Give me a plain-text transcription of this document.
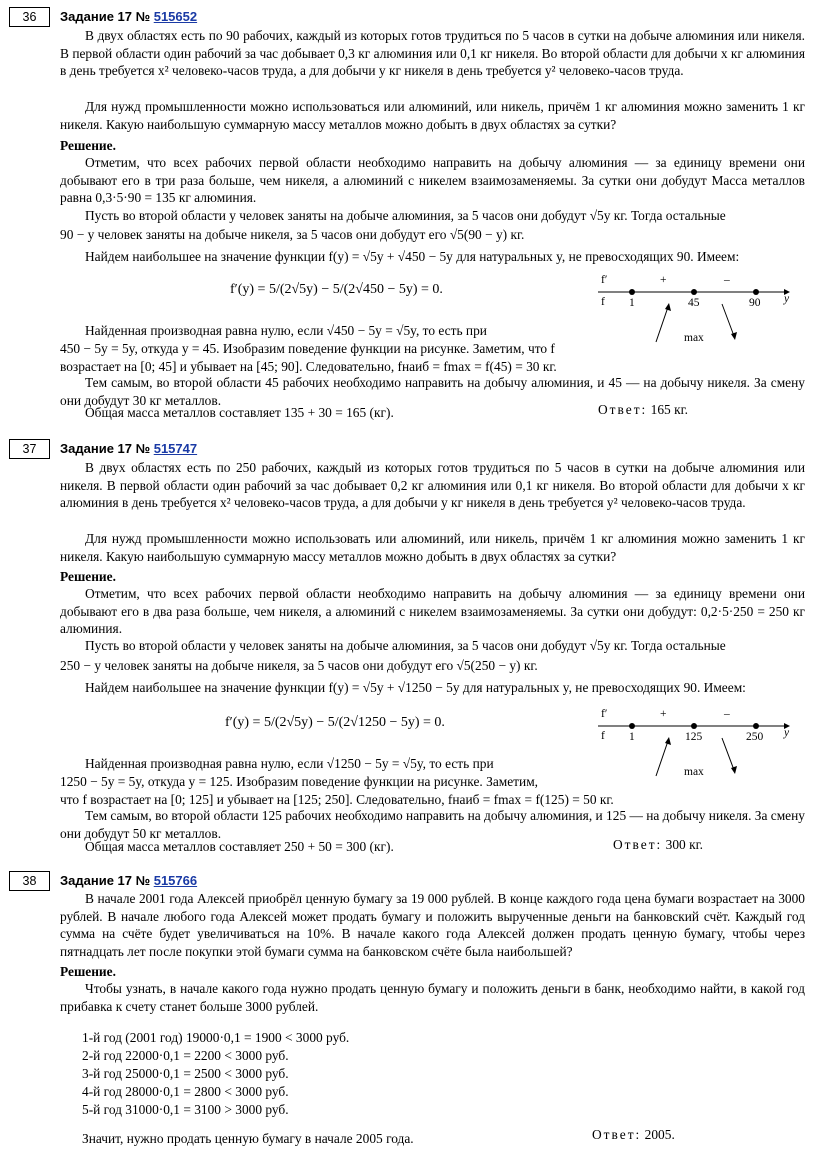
36	Задание 17 № 515652
В двух областях есть по 90 рабочих, каждый из которых готов трудиться по 5 часов в сутки на добыче алюминия или никеля. В первой области один рабочий за час добывает 0,3 кг алюминия или 0,1 кг никеля. Во второй области для добычи x кг алюминия в день требуется x² человеко-часов труда, а для добычи y кг никеля в день требуется y² человеко-часов труда.
Для нужд промышленности можно использоваться или алюминий, или никель, причём 1 кг алюминия можно заменить 1 кг никеля. Какую наибольшую суммарную массу металлов можно добыть в двух областях за сутки?
Решение.
Отметим, что всех рабочих первой области необходимо направить на добычу алюминия — за единицу времени они добывают его в три раза больше, чем никеля, а алюминий с никелем взаимозаменяемы. За сутки они добудут Масса металлов равна 0,3·5·90 = 135 кг алюминия.
Пусть во второй области y человек заняты на добыче алюминия, за 5 часов они добудут √5y кг. Тогда остальные
90 − y человек заняты на добыче никеля, за 5 часов они добудут его √5(90 − y) кг.
Найдем наибольшее на значение функции f(y) = √5y + √450 − 5y для натуральных y, не превосходящих 90. Имеем:
f′(y) = 5/(2√5y) − 5/(2√450 − 5y) = 0.
Найденная производная равна нулю, если √450 − 5y = √5y, то есть при
450 − 5y = 5y, откуда y = 45. Изобразим поведение функции на рисунке. Заметим, что f
возрастает на [0; 45] и убывает на [45; 90]. Следовательно, fнаиб = fmax = f(45) = 30 кг.
Тем самым, во второй области 45 рабочих необходимо направить на добычу алюминия, и 45 — на добычу никеля. За смену они добудут 30 кг металлов.
Общая масса металлов составляет 135 + 30 = 165 (кг).	Ответ: 165 кг.
f′	+	–
f 1	45	90 y
max
37	Задание 17 № 515747
В двух областях есть по 250 рабочих, каждый из которых готов трудиться по 5 часов в сутки на добыче алюминия или никеля. В первой области один рабочий за час добывает 0,2 кг алюминия или 0,1 кг никеля. Во второй области для добычи x кг алюминия в день требуется x² человеко-часов труда, а для добычи y кг никеля в день требуется y² человеко-часов труда.
Для нужд промышленности можно использовать или алюминий, или никель, причём 1 кг алюминия можно заменить 1 кг никеля. Какую наибольшую суммарную массу металлов можно добыть в двух областях за сутки?
Решение.
Отметим, что всех рабочих первой области необходимо направить на добычу алюминия — за единицу времени они добывают его в два раза больше, чем никеля, а алюминий с никелем взаимозаменяемы. За сутки они добудут: 0,2·5·250 = 250 кг алюминия.
Пусть во второй области y человек заняты на добыче алюминия, за 5 часов они добудут √5y кг. Тогда остальные
250 − y человек заняты на добыче никеля, за 5 часов они добудут его √5(250 − y) кг.
Найдем наибольшее на значение функции f(y) = √5y + √1250 − 5y для натуральных y, не превосходящих 90. Имеем:
f′(y) = 5/(2√5y) − 5/(2√1250 − 5y) = 0.
Найденная производная равна нулю, если √1250 − 5y = √5y, то есть при
1250 − 5y = 5y, откуда y = 125. Изобразим поведение функции на рисунке. Заметим,
что f возрастает на [0; 125] и убывает на [125; 250]. Следовательно, fнаиб = fmax = f(125) = 50 кг.
Тем самым, во второй области 125 рабочих необходимо направить на добычу алюминия, и 125 — на добычу никеля. За смену они добудут 50 кг металлов.
Общая масса металлов составляет 250 + 50 = 300 (кг).	Ответ: 300 кг.
f′	+	–
f 1	125	250 y
max
38	Задание 17 № 515766
В начале 2001 года Алексей приобрёл ценную бумагу за 19 000 рублей. В конце каждого года цена бумаги возрастает на 3000 рублей. В начале любого года Алексей может продать бумагу и положить вырученные деньги на банковский счёт. Каждый год сумма на счёте будет увеличиваться на 10%. В начале какого года Алексей должен продать ценную бумагу, чтобы через пятнадцать лет после покупки этой бумаги сумма на банковском счёте была наибольшей?
Решение.
Чтобы узнать, в начале какого года нужно продать ценную бумагу и положить деньги в банк, необходимо найти, в какой год прибавка к счету станет больше 3000 рублей.
1-й год (2001 год) 19000·0,1 = 1900 < 3000 руб.
2-й год 22000·0,1 = 2200 < 3000 руб.
3-й год 25000·0,1 = 2500 < 3000 руб.
4-й год 28000·0,1 = 2800 < 3000 руб.
5-й год 31000·0,1 = 3100 > 3000 руб.
Значит, нужно продать ценную бумагу в начале 2005 года.	Ответ: 2005.
